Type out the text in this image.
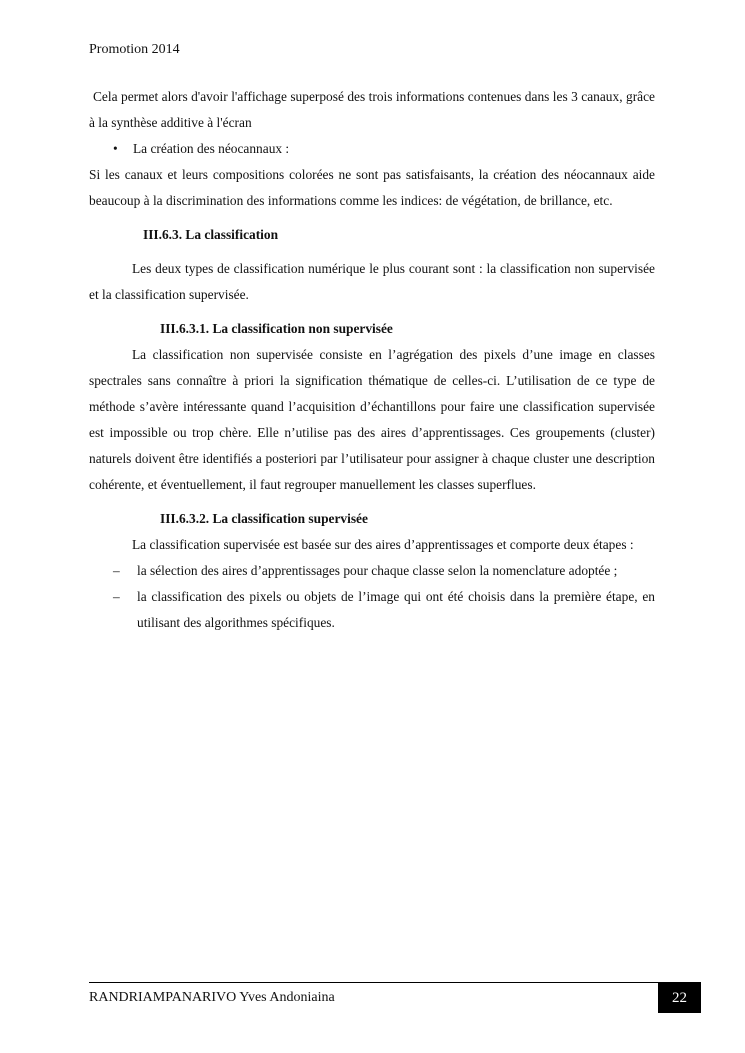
Promotion 2014

Cela permet alors d'avoir l'affichage superposé des trois informations contenues dans les 3 canaux, grâce à la synthèse additive à l'écran

• La création des néocannaux :

Si les canaux et leurs compositions colorées ne sont pas satisfaisants, la création des néocannaux aide beaucoup à la discrimination des informations comme les indices: de végétation, de brillance, etc.

III.6.3. La classification

Les deux types de classification numérique le plus courant sont : la classification non supervisée et la classification supervisée.

III.6.3.1. La classification non supervisée

La classification non supervisée consiste en l’agrégation des pixels d’une image en classes spectrales sans connaître à priori la signification thématique de celles-ci. L’utilisation de ce type de méthode s’avère intéressante quand l’acquisition d’échantillons pour faire une classification supervisée est impossible ou trop chère. Elle n’utilise pas des aires d’apprentissages. Ces groupements (cluster) naturels doivent être identifiés a posteriori par l’utilisateur pour assigner à chaque cluster une description cohérente, et éventuellement, il faut regrouper manuellement les classes superflues.

III.6.3.2. La classification supervisée

La classification supervisée est basée sur des aires d’apprentissages et comporte deux étapes :

– la sélection des aires d’apprentissages pour chaque classe selon la nomenclature adoptée ;
– la classification des pixels ou objets de l’image qui ont été choisis dans la première étape, en utilisant des algorithmes spécifiques.
RANDRIAMPANARIVO Yves Andoniaina	22
